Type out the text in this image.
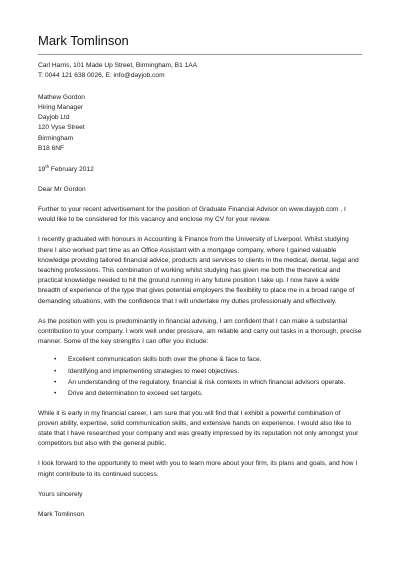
Mark Tomlinson

Carl Harris, 101 Made Up Street, Birmingham, B1 1AA

T: 0044 121 638 0026, E: info@dayjob.com

Mathew Gordon

Hiring Manager

Dayjob Ltd

120 Vyse Street

Birmingham

B18 6NF

19th February 2012

Dear Mr Gordon

Further to your recent advertisement for the position of Graduate Financial Advisor on www.dayjob.com , I would like to be considered for this vacancy and enclose my CV for your review.

I recently graduated with honours in Accounting & Finance from the University of Liverpool. Whilst studying there I also worked part time as an Office Assistant with a mortgage company, where I gained valuable knowledge providing tailored financial advice, products and services to clients in the medical, dental, legal and teaching professions. This combination of working whilst studying has given me both the theoretical and practical knowledge needed to hit the ground running in any future position I take up. I now have a wide breadth of experience of the type that gives potential employers the flexibility to place me in a broad range of demanding situations, with the confidence that I will undertake my duties professionally and effectively.

As the position with you is predominantly in financial advising, I am confident that I can make a substantial contribution to your company. I work well under pressure, am reliable and carry out tasks in a thorough, precise manner. Some of the key strengths I can offer you include:

• Excellent communication skills both over the phone & face to face.
• Identifying and implementing strategies to meet objectives.
• An understanding of the regulatory, financial & risk contexts in which financial advisors operate.
• Drive and determination to exceed set targets.

While it is early in my financial career, I am sure that you will find that I exhibit a powerful combination of proven ability, expertise, solid communication skills, and extensive hands on experience. I would also like to state that I have researched your company and was greatly impressed by its reputation not only amongst your competitors but also with the general public.

I look forward to the opportunity to meet with you to learn more about your firm, its plans and goals, and how I might contribute to its continued success.

Yours sincerely

Mark Tomlinson
